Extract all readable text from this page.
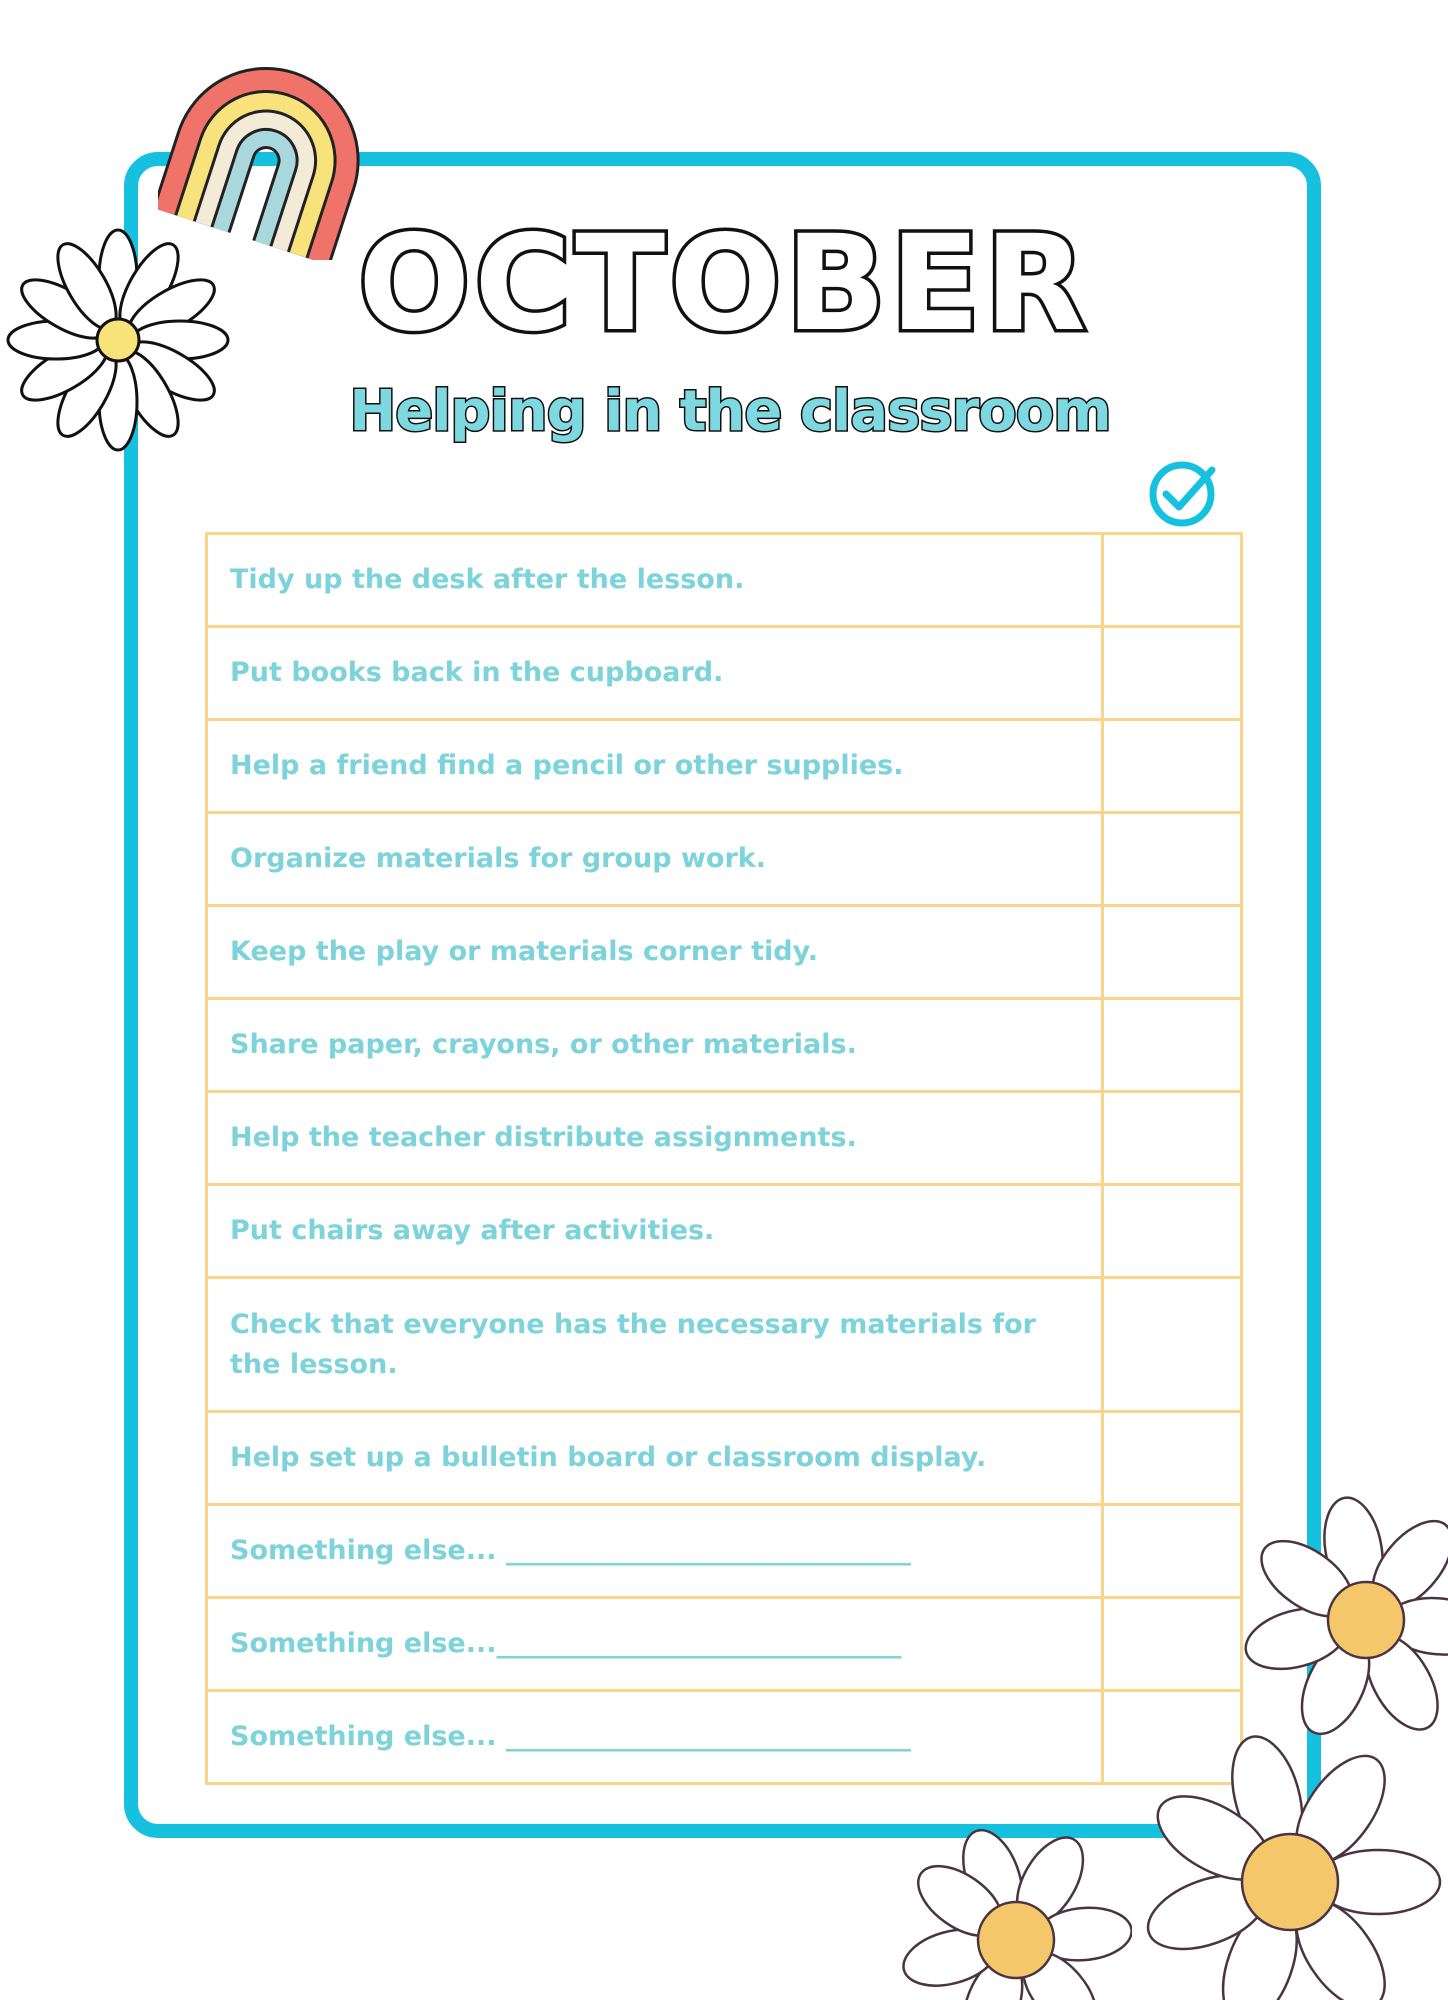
OCTOBER
Helping in the classroom
Tidy up the desk after the lesson.	
Put books back in the cupboard.	
Help a friend find a pencil or other supplies.	
Organize materials for group work.	
Keep the play or materials corner tidy.	
Share paper, crayons, or other materials.	
Help the teacher distribute assignments.	
Put chairs away after activities.	
Check that everyone has the necessary materials for the lesson.	
Help set up a bulletin board or classroom display.	
Something else... ______________________________	
Something else...______________________________	
Something else... ______________________________	
